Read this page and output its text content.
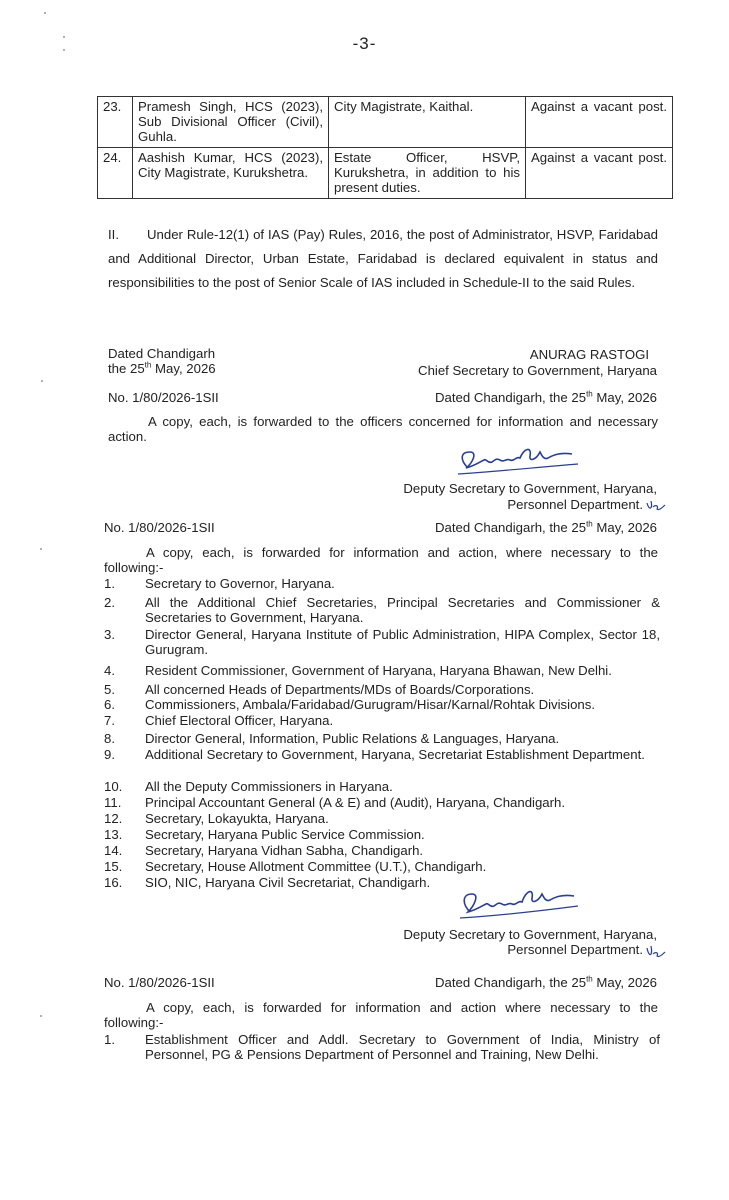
-3-
23.	Pramesh Singh, HCS (2023), Sub Divisional Officer (Civil), Guhla.	City Magistrate, Kaithal.	Against a vacant post.

24.	Aashish Kumar, HCS (2023), City Magistrate, Kurukshetra.	Estate Officer, HSVP, Kurukshetra, in addition to his present duties.	Against a vacant post.
II. Under Rule-12(1) of IAS (Pay) Rules, 2016, the post of Administrator, HSVP, Faridabad and Additional Director, Urban Estate, Faridabad is declared equivalent in status and responsibilities to the post of Senior Scale of IAS included in Schedule-II to the said Rules.
Dated Chandigarh
the 25th May, 2026
ANURAG RASTOGI
Chief Secretary to Government, Haryana
No. 1/80/2026-1SII	Dated Chandigarh, the 25th May, 2026
A copy, each, is forwarded to the officers concerned for information and necessary action.
Deputy Secretary to Government, Haryana,
Personnel Department.
No. 1/80/2026-1SII	Dated Chandigarh, the 25th May, 2026
A copy, each, is forwarded for information and action, where necessary to the
following:-
1. Secretary to Governor, Haryana.
2. All the Additional Chief Secretaries, Principal Secretaries and Commissioner & Secretaries to Government, Haryana.
3. Director General, Haryana Institute of Public Administration, HIPA Complex, Sector 18, Gurugram.
4. Resident Commissioner, Government of Haryana, Haryana Bhawan, New Delhi.
5. All concerned Heads of Departments/MDs of Boards/Corporations.
6. Commissioners, Ambala/Faridabad/Gurugram/Hisar/Karnal/Rohtak Divisions.
7. Chief Electoral Officer, Haryana.
8. Director General, Information, Public Relations & Languages, Haryana.
9. Additional Secretary to Government, Haryana, Secretariat Establishment Department.
10. All the Deputy Commissioners in Haryana.
11. Principal Accountant General (A & E) and (Audit), Haryana, Chandigarh.
12. Secretary, Lokayukta, Haryana.
13. Secretary, Haryana Public Service Commission.
14. Secretary, Haryana Vidhan Sabha, Chandigarh.
15. Secretary, House Allotment Committee (U.T.), Chandigarh.
16. SIO, NIC, Haryana Civil Secretariat, Chandigarh.
Deputy Secretary to Government, Haryana,
Personnel Department.
No. 1/80/2026-1SII	Dated Chandigarh, the 25th May, 2026
A copy, each, is forwarded for information and action where necessary to the
following:-
1. Establishment Officer and Addl. Secretary to Government of India, Ministry of Personnel, PG & Pensions Department of Personnel and Training, New Delhi.
